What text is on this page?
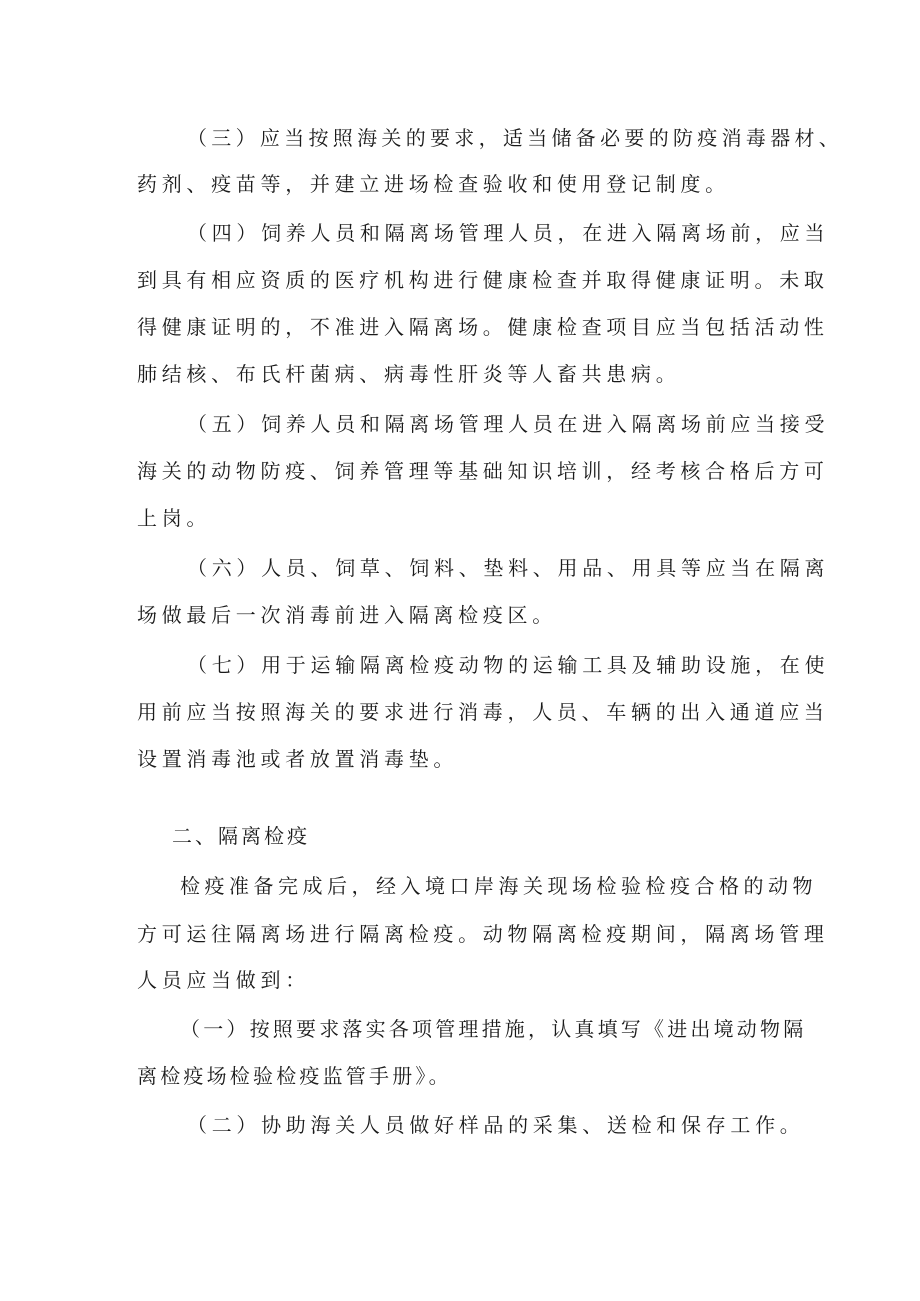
（三）应当按照海关的要求，适当储备必要的防疫消毒器材、
药剂、疫苗等，并建立进场检查验收和使用登记制度。
（四）饲养人员和隔离场管理人员，在进入隔离场前，应当
到具有相应资质的医疗机构进行健康检查并取得健康证明。未取
得健康证明的，不准进入隔离场。健康检查项目应当包括活动性
肺结核、布氏杆菌病、病毒性肝炎等人畜共患病。
（五）饲养人员和隔离场管理人员在进入隔离场前应当接受
海关的动物防疫、饲养管理等基础知识培训，经考核合格后方可
上岗。
（六）人员、饲草、饲料、垫料、用品、用具等应当在隔离
场做最后一次消毒前进入隔离检疫区。
（七）用于运输隔离检疫动物的运输工具及辅助设施，在使
用前应当按照海关的要求进行消毒，人员、车辆的出入通道应当
设置消毒池或者放置消毒垫。
二、隔离检疫
检疫准备完成后，经入境口岸海关现场检验检疫合格的动物
方可运往隔离场进行隔离检疫。动物隔离检疫期间，隔离场管理
人员应当做到：
（一）按照要求落实各项管理措施，认真填写《进出境动物隔
离检疫场检验检疫监管手册》。
（二）协助海关人员做好样品的采集、送检和保存工作。
